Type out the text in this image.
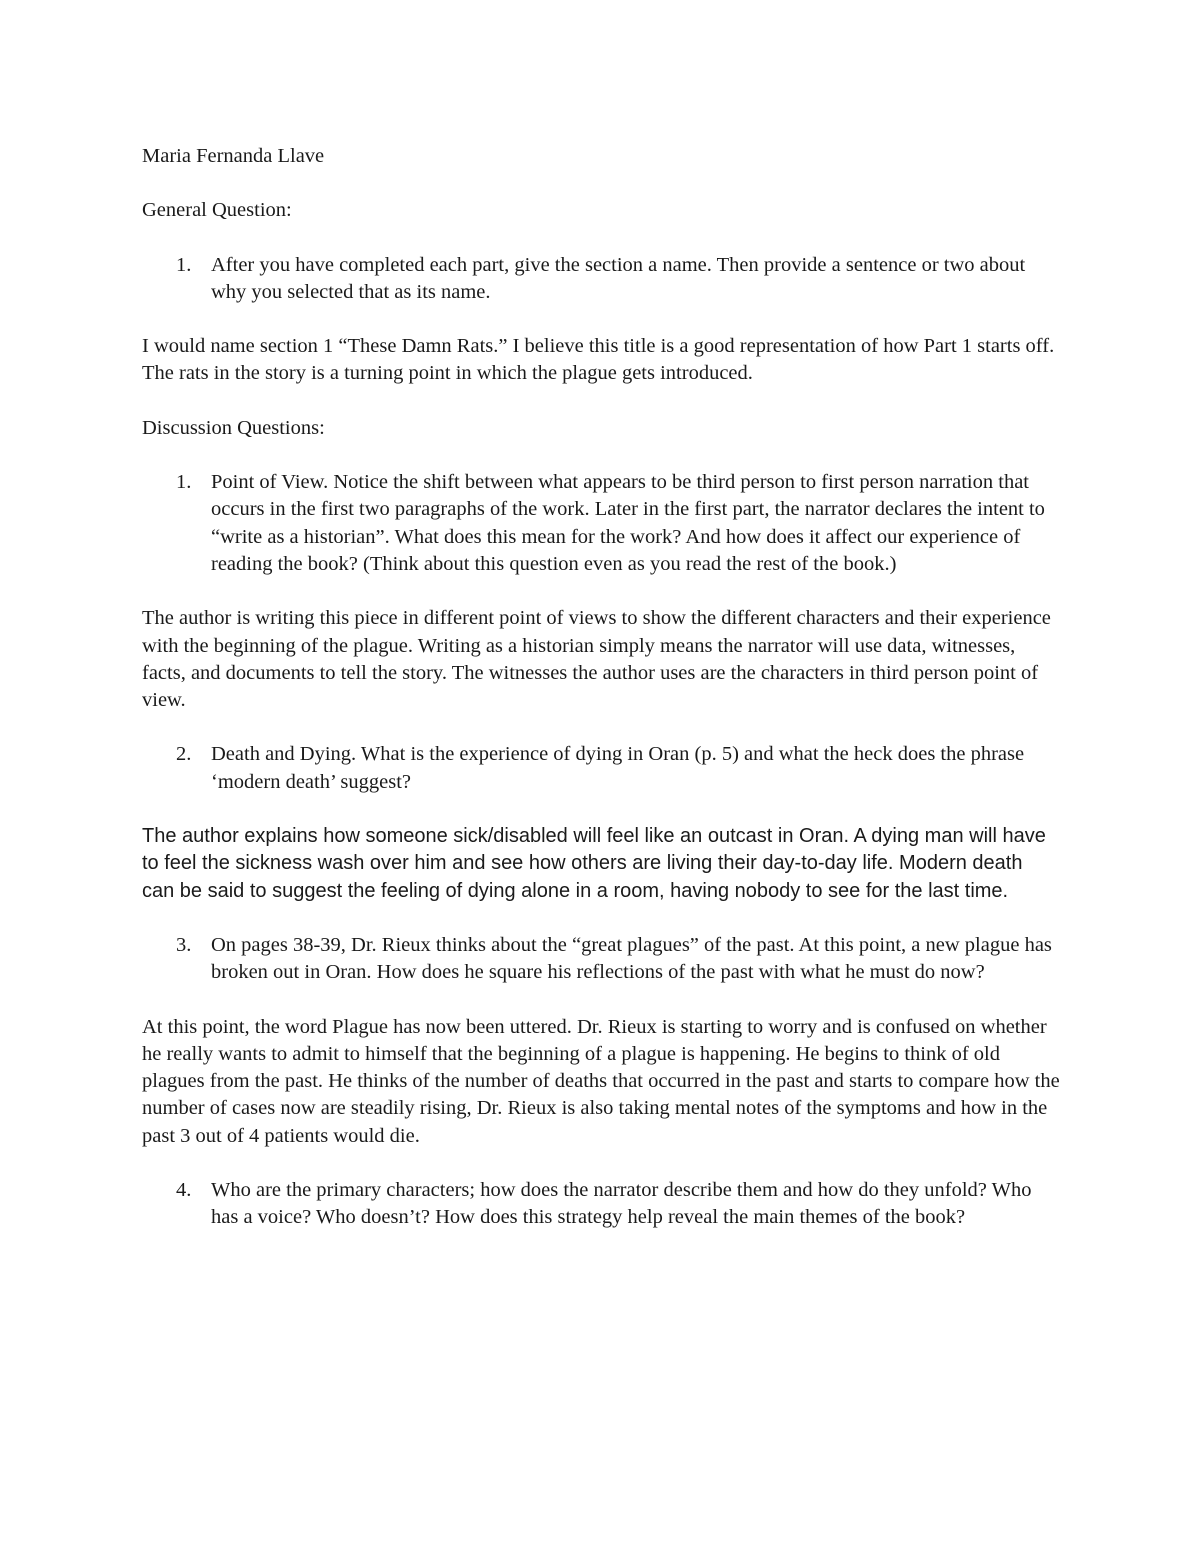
Maria Fernanda Llave

General Question:

1. After you have completed each part, give the section a name. Then provide a sentence or two about why you selected that as its name.

I would name section 1 “These Damn Rats.” I believe this title is a good representation of how Part 1 starts off. The rats in the story is a turning point in which the plague gets introduced.

Discussion Questions:

1. Point of View. Notice the shift between what appears to be third person to first person narration that occurs in the first two paragraphs of the work. Later in the first part, the narrator declares the intent to “write as a historian”. What does this mean for the work? And how does it affect our experience of reading the book? (Think about this question even as you read the rest of the book.)

The author is writing this piece in different point of views to show the different characters and their experience with the beginning of the plague. Writing as a historian simply means the narrator will use data, witnesses, facts, and documents to tell the story. The witnesses the author uses are the characters in third person point of view.

2. Death and Dying. What is the experience of dying in Oran (p. 5) and what the heck does the phrase ‘modern death’ suggest?

The author explains how someone sick/disabled will feel like an outcast in Oran. A dying man will have to feel the sickness wash over him and see how others are living their day-to-day life. Modern death can be said to suggest the feeling of dying alone in a room, having nobody to see for the last time.

3. On pages 38-39, Dr. Rieux thinks about the “great plagues” of the past. At this point, a new plague has broken out in Oran. How does he square his reflections of the past with what he must do now?

At this point, the word Plague has now been uttered. Dr. Rieux is starting to worry and is confused on whether he really wants to admit to himself that the beginning of a plague is happening. He begins to think of old plagues from the past. He thinks of the number of deaths that occurred in the past and starts to compare how the number of cases now are steadily rising, Dr. Rieux is also taking mental notes of the symptoms and how in the past 3 out of 4 patients would die.

4. Who are the primary characters; how does the narrator describe them and how do they unfold? Who has a voice? Who doesn’t? How does this strategy help reveal the main themes of the book?
